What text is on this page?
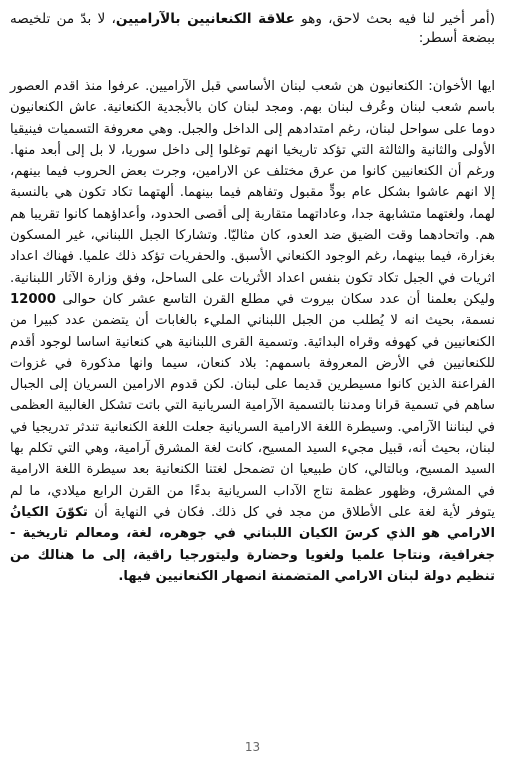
(أمر أخير لنا فيه بحث لاحق، وهو علاقة الكنعانيين بالآراميين، لا بدّ من تلخيصه ببضعة أسطر:

ايها الأخوان: الكنعانيون هن شعب لبنان الأساسي قبل الآراميين. عرفوا منذ اقدم العصور باسم شعب لبنان وعُرف لبنان بهم. ومجد لبنان كان بالأبجدية الكنعانية. عاش الكنعانيون دوما على سواحل لبنان، رغم امتدادهم إلى الداخل والجبل. وهي معروفة التسميات فينيقيا الأولى والثانية والثالثة التي تؤكد تاريخيا انهم توغلوا إلى داخل سوريا، لا بل إلى أبعد منها. ورغم أن الكنعانيين كانوا من عرق مختلف عن الارامين، وجرت بعض الحروب فيما بينهم، إلا انهم عاشوا بشكل عام بودٍّ مقبول وتفاهم فيما بينهما. ألهتهما تكاد تكون هي بالنسبة لهما، ولغتهما متشابهة جدا، وعاداتهما متقاربة إلى أقصى الحدود، وأعداؤهما كانوا تقريبا هم هم. واتحادهما وقت الضيق ضد العدو، كان مثاليّا. وتشاركا الجبل اللبناني، غير المسكون بغزارة، فيما بينهما، رغم الوجود الكنعاني الأسبق. والحفريات تؤكد ذلك علميا. فهناك اعداد اثريات في الجبل تكاد تكون بنفس اعداد الأثريات على الساحل، وفق وزارة الآثار اللبنانية. وليكن بعلمنا أن عدد سكان بيروت في مطلع القرن التاسع عشر كان حوالى 12000 نسمة، بحيث انه لا يُطلب من الجبل اللبناني المليء بالغابات أن يتضمن عدد كبيرا من الكنعانيين في كهوفه وقراه البدائية. وتسمية القرى اللبنانية هي كنعانية اساسا لوجود أقدم للكنعانيين في الأرض المعروفة باسمهم: بلاد كنعان، سيما وانها مذكورة في غزوات الفراعنة الذين كانوا مسيطرين قديما على لبنان. لكن قدوم الارامين السريان إلى الجبال ساهم في تسمية قرانا ومدننا بالتسمية الآرامية السريانية التي باتت تشكل الغالبية العظمى في لبناننا الآرامي. وسيطرة اللغة الارامية السريانية جعلت اللغة الكنعانية تندثر تدريجيا في لبنان، بحيث أنه، قبيل مجيء السيد المسيح، كانت لغة المشرق آرامية، وهي التي تكلم بها السيد المسيح، وبالتالي، كان طبيعيا ان تضمحل لغتنا الكنعانية بعد سيطرة اللغة الارامية في المشرق، وظهور عظمة نتاج الآداب السريانية بدءًا من القرن الرابع ميلادي، ما لم يتوفر لأية لغة على الأطلاق من مجد في كل ذلك. فكان في النهاية أن تكوّنَ الكيانُ الارامي هو الذي كرسَ الكيان اللبناني في جوهره، لغة، ومعالم تاريخية - جغرافية، ونتاجا علميا ولغويا وحضارة وليتورجيا راقية، إلى ما هنالك من تنظيم دولة لبنان الارامي المتضمنة انصهار الكنعانيين فيها.

13
